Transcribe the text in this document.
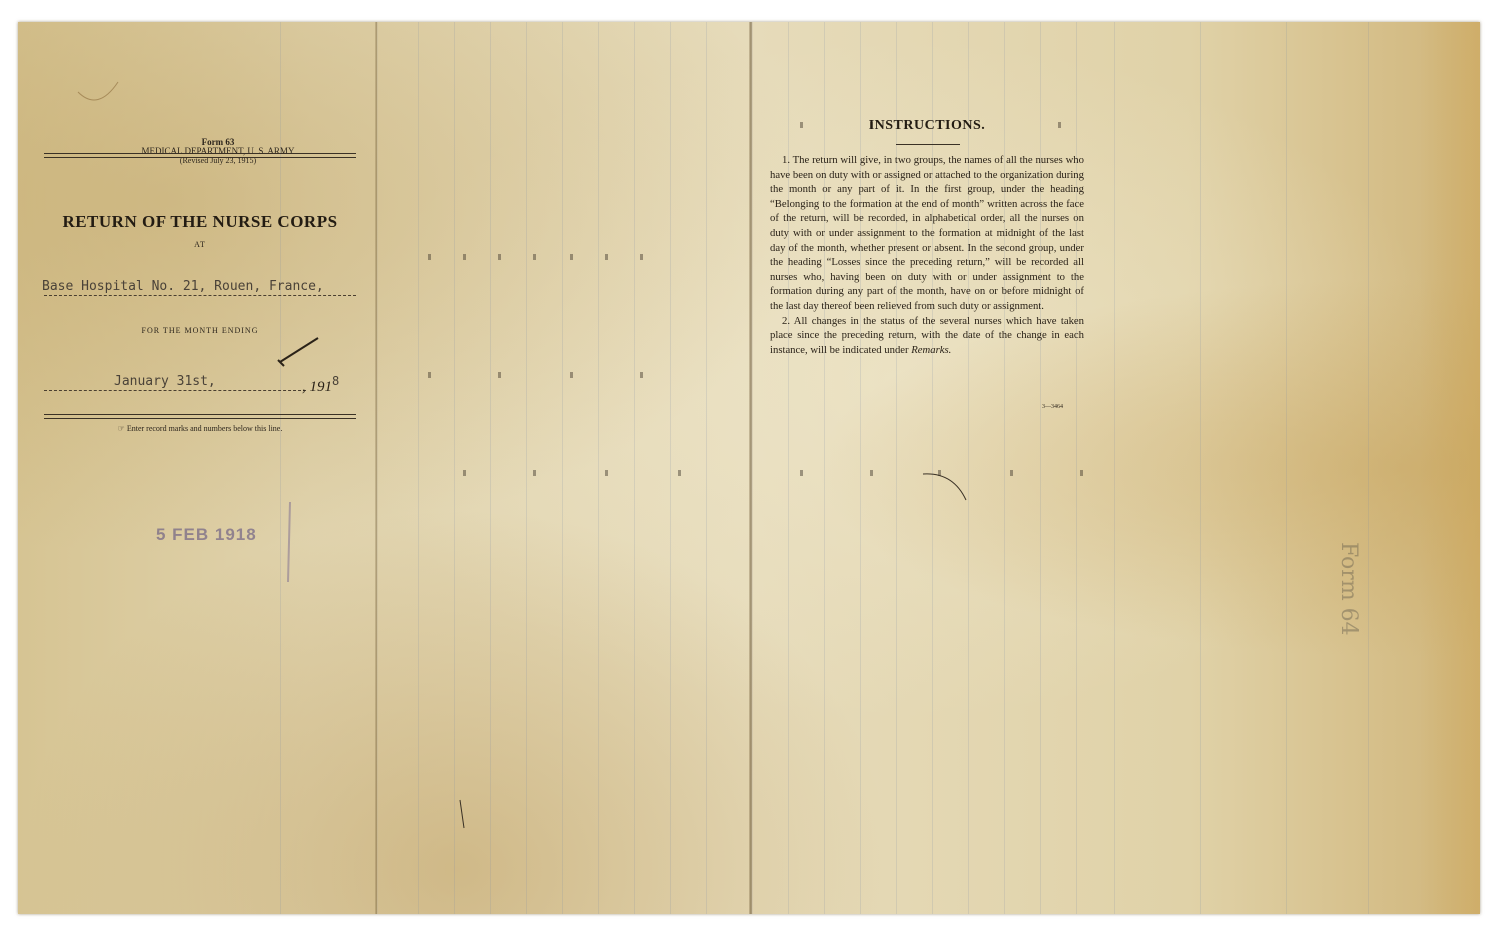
Form 63
MEDICAL DEPARTMENT, U. S. ARMY
(Revised July 23, 1915)
RETURN OF THE NURSE CORPS
AT
Base Hospital No. 21, Rouen, France,
FOR THE MONTH ENDING
January 31st,	, $191^8$
☞ Enter record marks and numbers below this line.
5 FEB 1918
INSTRUCTIONS.

1. The return will give, in two groups, the names of all the nurses who have been on duty with or assigned or attached to the organization during the month or any part of it. In the first group, under the heading “Belonging to the formation at the end of month” written across the face of the return, will be recorded, in alphabetical order, all the nurses on duty with or under assignment to the formation at midnight of the last day of the month, whether present or absent. In the second group, under the heading “Losses since the preceding return,” will be recorded all nurses who, having been on duty with or under assignment to the formation during any part of the month, have on or before midnight of the last day thereof been relieved from such duty or assignment.

2. All changes in the status of the several nurses which have taken place since the preceding return, with the date of the change in each instance, will be indicated under Remarks.

3—3464
Form 64
